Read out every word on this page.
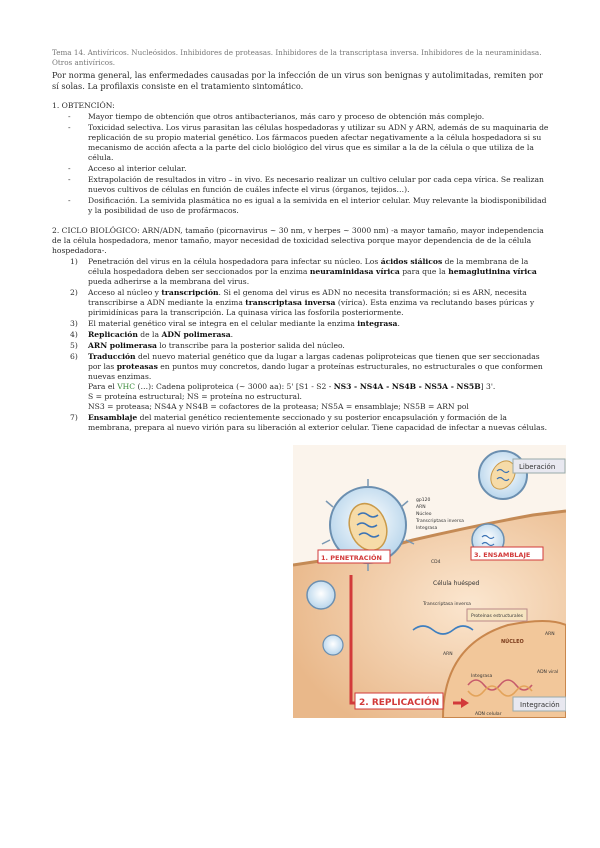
Tema 14. Antivíricos. Nucleósidos. Inhibidores de proteasas. Inhibidores de la transcriptasa inversa. Inhibidores de la neuraminidasa. Otros antivíricos.
Por norma general, las enfermedades causadas por la infección de un virus son benignas y autolimitadas, remiten por sí solas. La profilaxis consiste en el tratamiento sintomático.
1. OBTENCIÓN:
- Mayor tiempo de obtención que otros antibacterianos, más caro y proceso de obtención más complejo.
- Toxicidad selectiva. Los virus parasitan las células hospedadoras y utilizar su ADN y ARN, además de su maquinaria de replicación de su propio material genético. Los fármacos pueden afectar negativamente a la célula hospedadora si su mecanismo de acción afecta a la parte del ciclo biológico del virus que es similar a la de la célula o que utiliza de la célula.
- Acceso al interior celular.
- Extrapolación de resultados in vitro – in vivo. Es necesario realizar un cultivo celular por cada cepa vírica. Se realizan nuevos cultivos de células en función de cuáles infecte el virus (órganos, tejidos…).
- Dosificación. La semivida plasmática no es igual a la semivida en el interior celular. Muy relevante la biodisponibilidad y la posibilidad de uso de profármacos.
2. CICLO BIOLÓGICO: ARN/ADN, tamaño (picornavirus ~ 30 nm, v herpes ~ 3000 nm) -a mayor tamaño, mayor independencia de la célula hospedadora, menor tamaño, mayor necesidad de toxicidad selectiva porque mayor dependencia de de la célula hospedadora-.
1) Penetración del virus en la célula hospedadora para infectar su núcleo. Los ácidos siálicos de la membrana de la célula hospedadora deben ser seccionados por la enzima neuraminidasa vírica para que la hemaglutinina vírica pueda adherirse a la membrana del virus.
2) Acceso al núcleo y transcripción. Si el genoma del virus es ADN no necesita transformación; si es ARN, necesita transcribirse a ADN mediante la enzima transcriptasa inversa (vírica). Esta enzima va reclutando bases púricas y pirimidínicas para la transcripción. La quinasa vírica las fosforila posteriormente.
3) El material genético viral se integra en el celular mediante la enzima integrasa.
4) Replicación de la ADN polimerasa.
5) ARN polimerasa lo transcribe para la posterior salida del núcleo.
6) Traducción del nuevo material genético que da lugar a largas cadenas poliproteicas que tienen que ser seccionadas por las proteasas en puntos muy concretos, dando lugar a proteínas estructurales, no estructurales o que conformen nuevas enzimas.
Para el VHC (…): Cadena poliproteica (~ 3000 aa): 5' [S1 - S2 - NS3 - NS4A - NS4B - NS5A - NS5B] 3'.
S = proteína estructural; NS = proteína no estructural.
NS3 = proteasa; NS4A y NS4B = cofactores de la proteasa; NS5A = ensamblaje; NS5B = ARN pol
7) Ensamblaje del material genético recientemente seccionado y su posterior encapsulación y formación de la membrana, prepara al nuevo virión para su liberación al exterior celular. Tiene capacidad de infectar a nuevas células.
Liberación
1. PENETRACIÓN	3. ENSAMBLAJE
2. REPLICACIÓN	Integración
gp120
ARN
Núcleo
Transcriptasa inversa
Integrasa
CD4
Célula huésped
Transcriptasa inversa
Proteínas estructurales
NÚCLEO
ARN
ARN
ADN viral
Integrasa
ADN celular
